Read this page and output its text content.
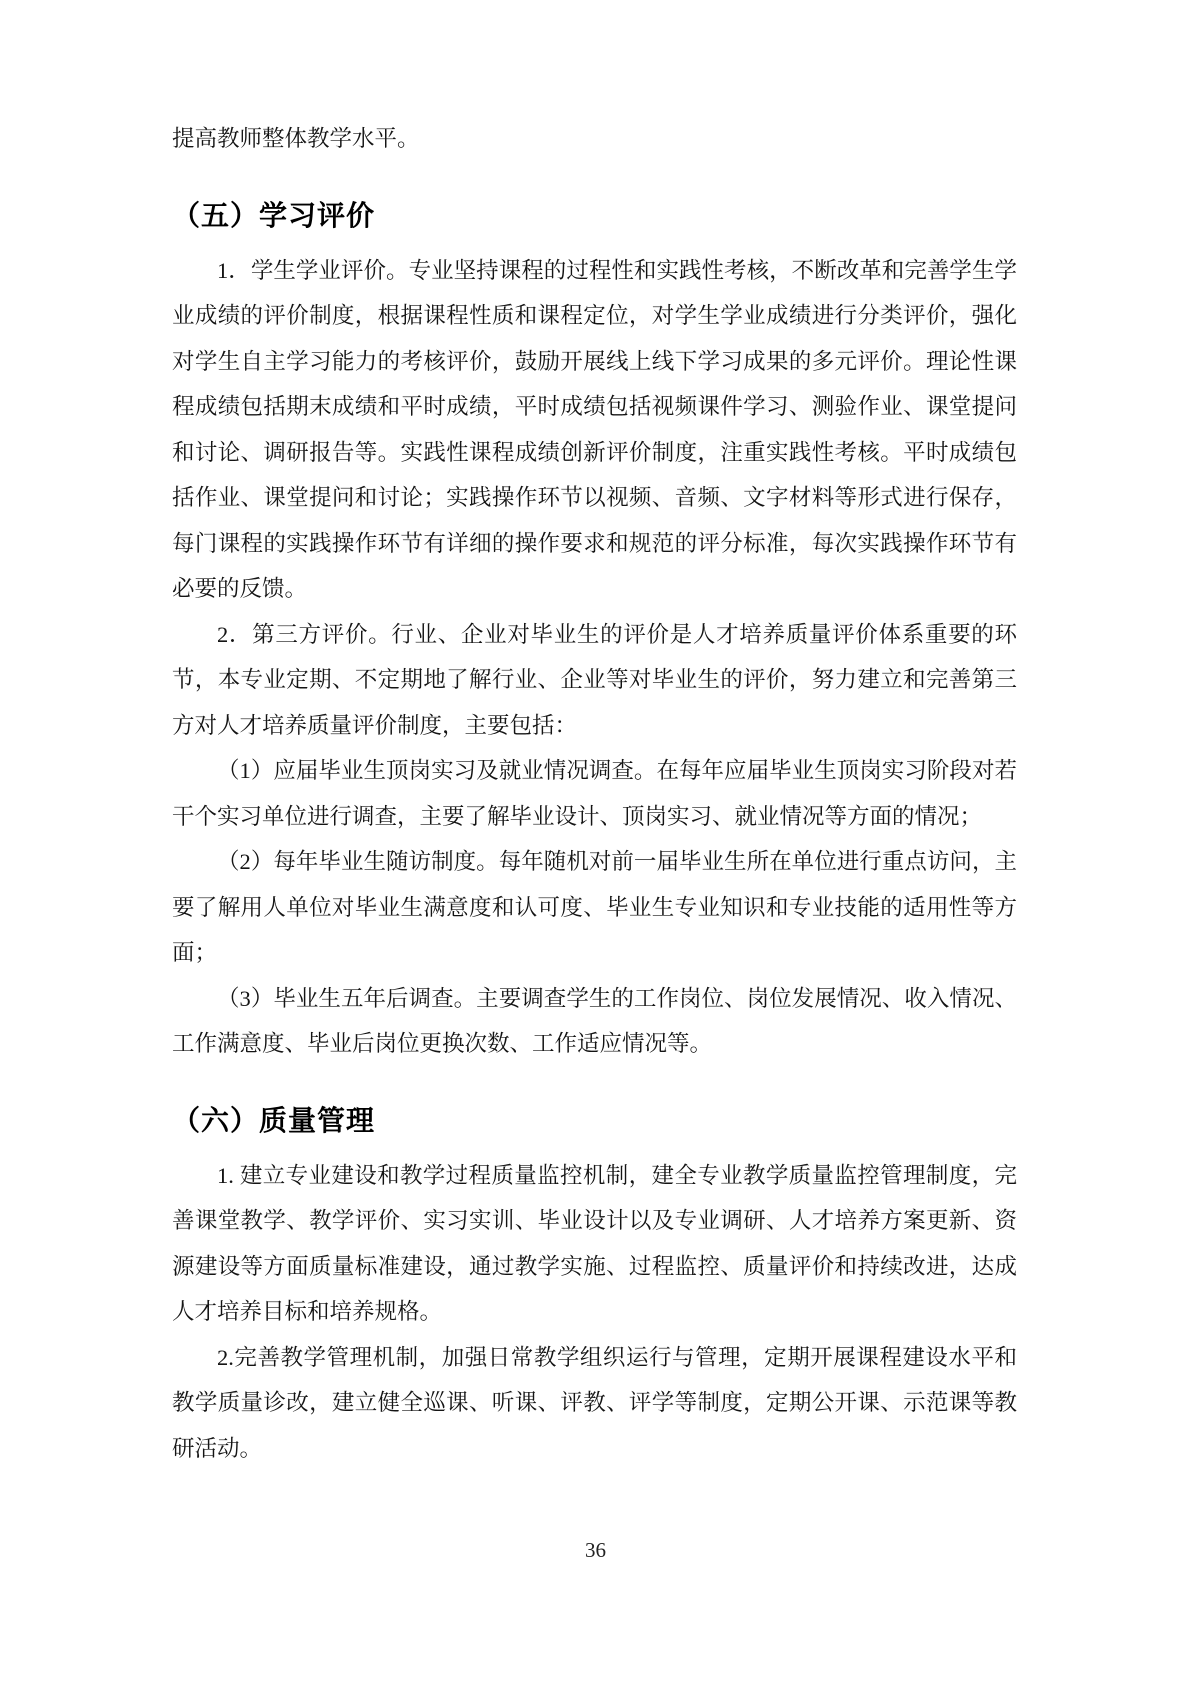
提高教师整体教学水平。

（五）学习评价

1．学生学业评价。专业坚持课程的过程性和实践性考核，不断改革和完善学生学业成绩的评价制度，根据课程性质和课程定位，对学生学业成绩进行分类评价，强化对学生自主学习能力的考核评价，鼓励开展线上线下学习成果的多元评价。理论性课程成绩包括期末成绩和平时成绩，平时成绩包括视频课件学习、测验作业、课堂提问和讨论、调研报告等。实践性课程成绩创新评价制度，注重实践性考核。平时成绩包括作业、课堂提问和讨论；实践操作环节以视频、音频、文字材料等形式进行保存，每门课程的实践操作环节有详细的操作要求和规范的评分标准，每次实践操作环节有必要的反馈。

2．第三方评价。行业、企业对毕业生的评价是人才培养质量评价体系重要的环节，本专业定期、不定期地了解行业、企业等对毕业生的评价，努力建立和完善第三方对人才培养质量评价制度，主要包括：

（1）应届毕业生顶岗实习及就业情况调查。在每年应届毕业生顶岗实习阶段对若干个实习单位进行调查，主要了解毕业设计、顶岗实习、就业情况等方面的情况；

（2）每年毕业生随访制度。每年随机对前一届毕业生所在单位进行重点访问，主要了解用人单位对毕业生满意度和认可度、毕业生专业知识和专业技能的适用性等方面；

（3）毕业生五年后调查。主要调查学生的工作岗位、岗位发展情况、收入情况、工作满意度、毕业后岗位更换次数、工作适应情况等。

（六）质量管理

1. 建立专业建设和教学过程质量监控机制，建全专业教学质量监控管理制度，完善课堂教学、教学评价、实习实训、毕业设计以及专业调研、人才培养方案更新、资源建设等方面质量标准建设，通过教学实施、过程监控、质量评价和持续改进，达成人才培养目标和培养规格。

2.完善教学管理机制，加强日常教学组织运行与管理，定期开展课程建设水平和教学质量诊改，建立健全巡课、听课、评教、评学等制度，定期公开课、示范课等教研活动。

36
